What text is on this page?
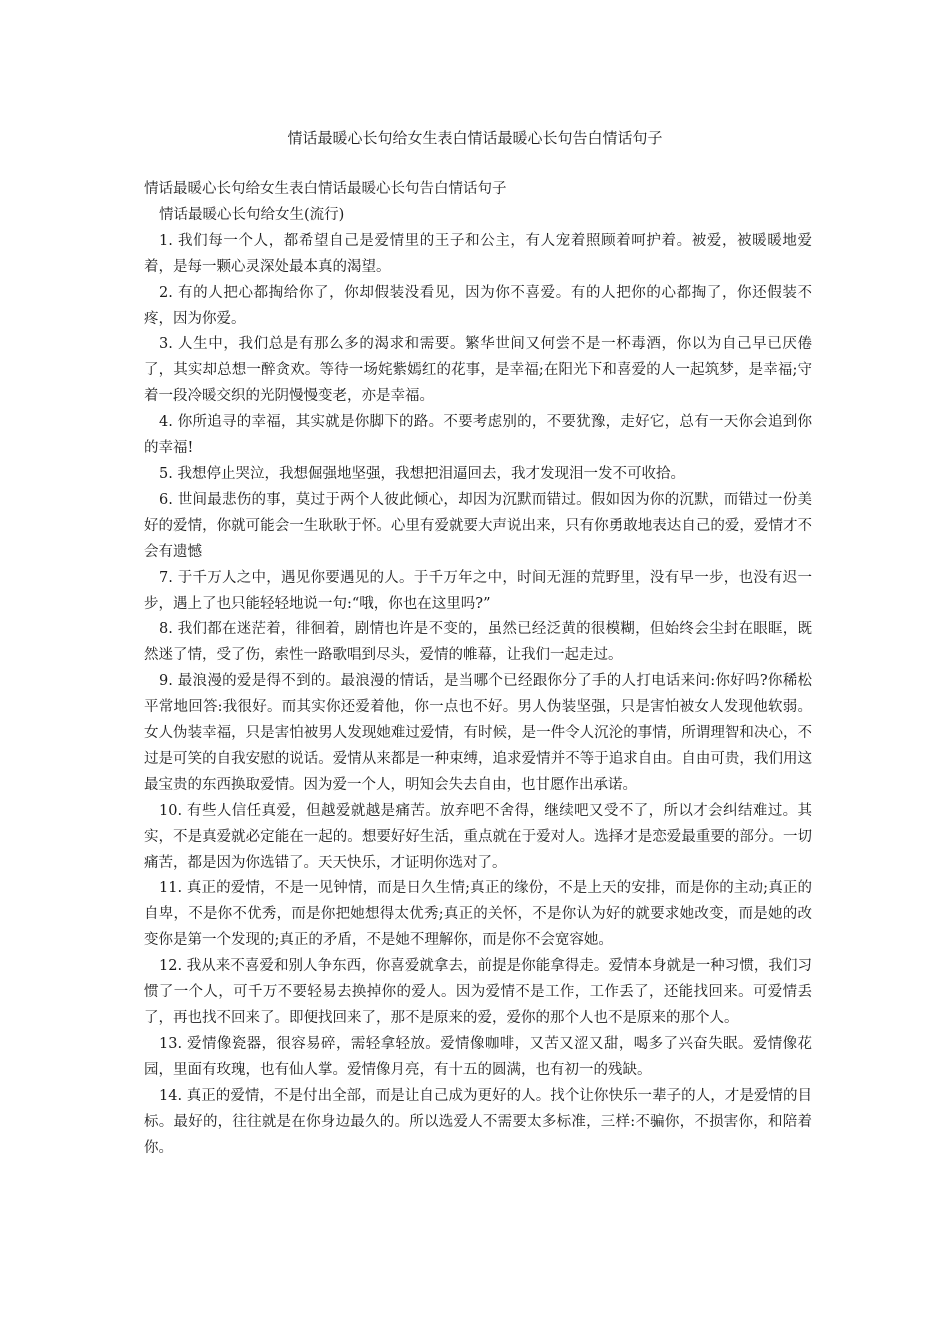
情话最暖心长句给女生表白情话最暖心长句告白情话句子

情话最暖心长句给女生表白情话最暖心长句告白情话句子

情话最暖心长句给女生(流行)

1. 我们每一个人，都希望自己是爱情里的王子和公主，有人宠着照顾着呵护着。被爱，被暖暖地爱着，是每一颗心灵深处最本真的渴望。

2. 有的人把心都掏给你了，你却假装没看见，因为你不喜爱。有的人把你的心都掏了，你还假装不疼，因为你爱。

3. 人生中，我们总是有那么多的渴求和需要。繁华世间又何尝不是一杯毒酒，你以为自己早已厌倦了，其实却总想一醉贪欢。等待一场姹紫嫣红的花事，是幸福;在阳光下和喜爱的人一起筑梦，是幸福;守着一段冷暖交织的光阴慢慢变老，亦是幸福。

4. 你所追寻的幸福，其实就是你脚下的路。不要考虑别的，不要犹豫，走好它，总有一天你会追到你的幸福!

5. 我想停止哭泣，我想倔强地坚强，我想把泪逼回去，我才发现泪一发不可收拾。

6. 世间最悲伤的事，莫过于两个人彼此倾心，却因为沉默而错过。假如因为你的沉默，而错过一份美好的爱情，你就可能会一生耿耿于怀。心里有爱就要大声说出来，只有你勇敢地表达自己的爱，爱情才不会有遗憾

7. 于千万人之中，遇见你要遇见的人。于千万年之中，时间无涯的荒野里，没有早一步，也没有迟一步，遇上了也只能轻轻地说一句:“哦，你也在这里吗?”

8. 我们都在迷茫着，徘徊着，剧情也许是不变的，虽然已经泛黄的很模糊，但始终会尘封在眼眶，既然迷了情，受了伤，索性一路歌唱到尽头，爱情的帷幕，让我们一起走过。

9. 最浪漫的爱是得不到的。最浪漫的情话，是当哪个已经跟你分了手的人打电话来问:你好吗?你稀松平常地回答:我很好。而其实你还爱着他，你一点也不好。男人伪装坚强，只是害怕被女人发现他软弱。女人伪装幸福，只是害怕被男人发现她难过爱情，有时候，是一件令人沉沦的事情，所谓理智和决心，不过是可笑的自我安慰的说话。爱情从来都是一种束缚，追求爱情并不等于追求自由。自由可贵，我们用这最宝贵的东西换取爱情。因为爱一个人，明知会失去自由，也甘愿作出承诺。

10. 有些人信任真爱，但越爱就越是痛苦。放弃吧不舍得，继续吧又受不了，所以才会纠结难过。其实，不是真爱就必定能在一起的。想要好好生活，重点就在于爱对人。选择才是恋爱最重要的部分。一切痛苦，都是因为你选错了。天天快乐，才证明你选对了。

11. 真正的爱情，不是一见钟情，而是日久生情;真正的缘份，不是上天的安排，而是你的主动;真正的自卑，不是你不优秀，而是你把她想得太优秀;真正的关怀，不是你认为好的就要求她改变，而是她的改变你是第一个发现的;真正的矛盾，不是她不理解你，而是你不会宽容她。

12. 我从来不喜爱和别人争东西，你喜爱就拿去，前提是你能拿得走。爱情本身就是一种习惯，我们习惯了一个人，可千万不要轻易去换掉你的爱人。因为爱情不是工作，工作丢了，还能找回来。可爱情丢了，再也找不回来了。即便找回来了，那不是原来的爱，爱你的那个人也不是原来的那个人。

13. 爱情像瓷器，很容易碎，需轻拿轻放。爱情像咖啡，又苦又涩又甜，喝多了兴奋失眠。爱情像花园，里面有玫瑰，也有仙人掌。爱情像月亮，有十五的圆满，也有初一的残缺。

14. 真正的爱情，不是付出全部，而是让自己成为更好的人。找个让你快乐一辈子的人，才是爱情的目标。最好的，往往就是在你身边最久的。所以选爱人不需要太多标准，三样:不骗你，不损害你，和陪着你。
